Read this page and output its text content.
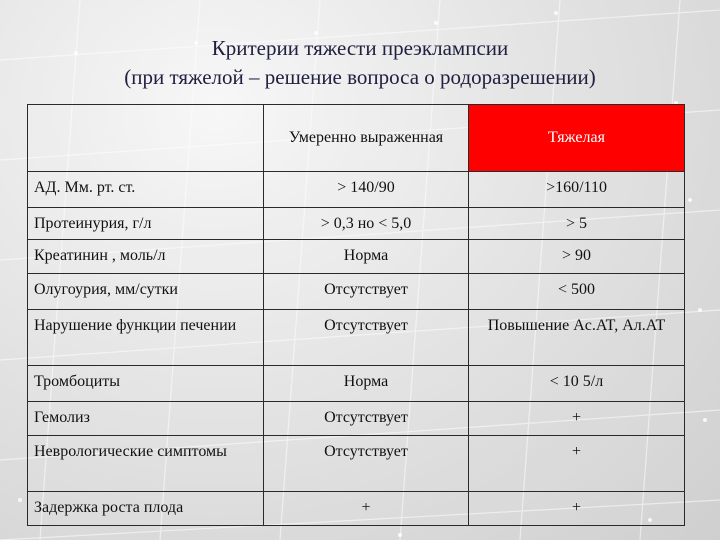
Критерии тяжести преэклампсии
(при тяжелой – решение вопроса о родоразрешении)
	Умеренно выраженная	Тяжелая
АД. Мм. рт. ст.	> 140/90	>160/110
Протеинурия, г/л	> 0,3 но < 5,0	> 5
Креатинин , моль/л	Норма	> 90
Олугоурия, мм/сутки	Отсутствует	< 500
Нарушение функции печении	Отсутствует	Повышение Ac.AT, Ал.AT
Тромбоциты	Норма	< 10 5/л
Гемолиз	Отсутствует	+
Неврологические симптомы	Отсутствует	+
Задержка роста плода	+	+
